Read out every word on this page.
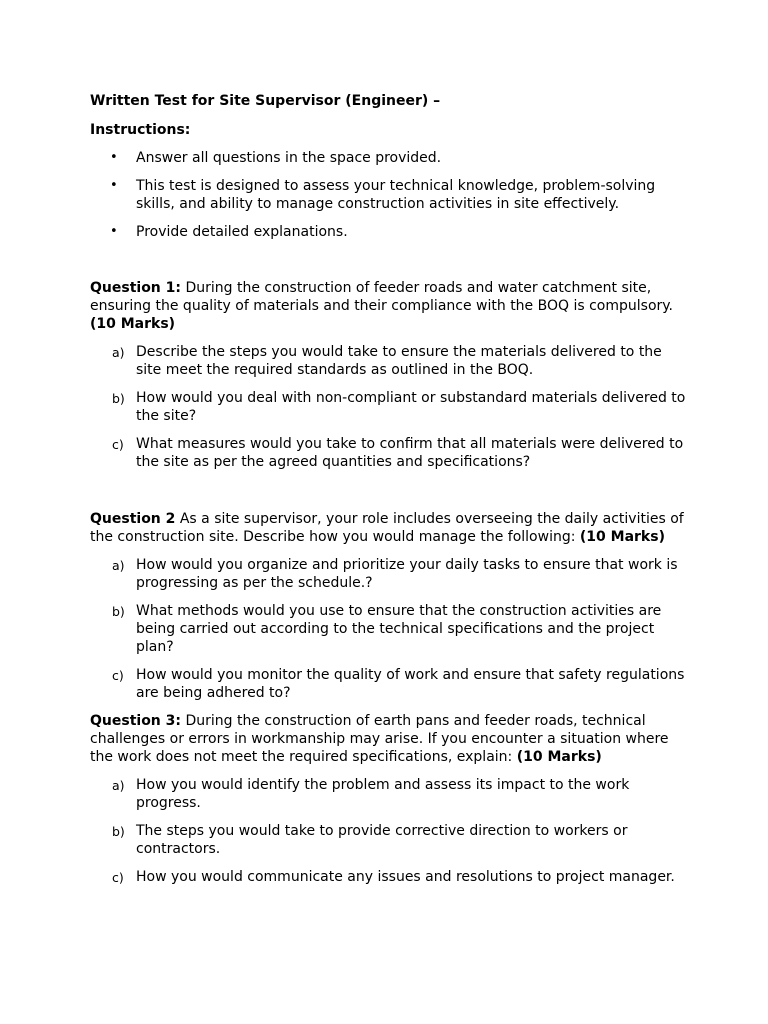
Written Test for Site Supervisor (Engineer) –

Instructions:

• Answer all questions in the space provided.
• This test is designed to assess your technical knowledge, problem-solving skills, and ability to manage construction activities in site effectively.
• Provide detailed explanations.

Question 1: During the construction of feeder roads and water catchment site, ensuring the quality of materials and their compliance with the BOQ is compulsory. (10 Marks)

a) Describe the steps you would take to ensure the materials delivered to the site meet the required standards as outlined in the BOQ.
b) How would you deal with non-compliant or substandard materials delivered to the site?
c) What measures would you take to confirm that all materials were delivered to the site as per the agreed quantities and specifications?

Question 2 As a site supervisor, your role includes overseeing the daily activities of the construction site. Describe how you would manage the following: (10 Marks)

a) How would you organize and prioritize your daily tasks to ensure that work is progressing as per the schedule.?
b) What methods would you use to ensure that the construction activities are being carried out according to the technical specifications and the project plan?
c) How would you monitor the quality of work and ensure that safety regulations are being adhered to?

Question 3: During the construction of earth pans and feeder roads, technical challenges or errors in workmanship may arise. If you encounter a situation where the work does not meet the required specifications, explain: (10 Marks)

a) How you would identify the problem and assess its impact to the work progress.
b) The steps you would take to provide corrective direction to workers or contractors.
c) How you would communicate any issues and resolutions to project manager.
